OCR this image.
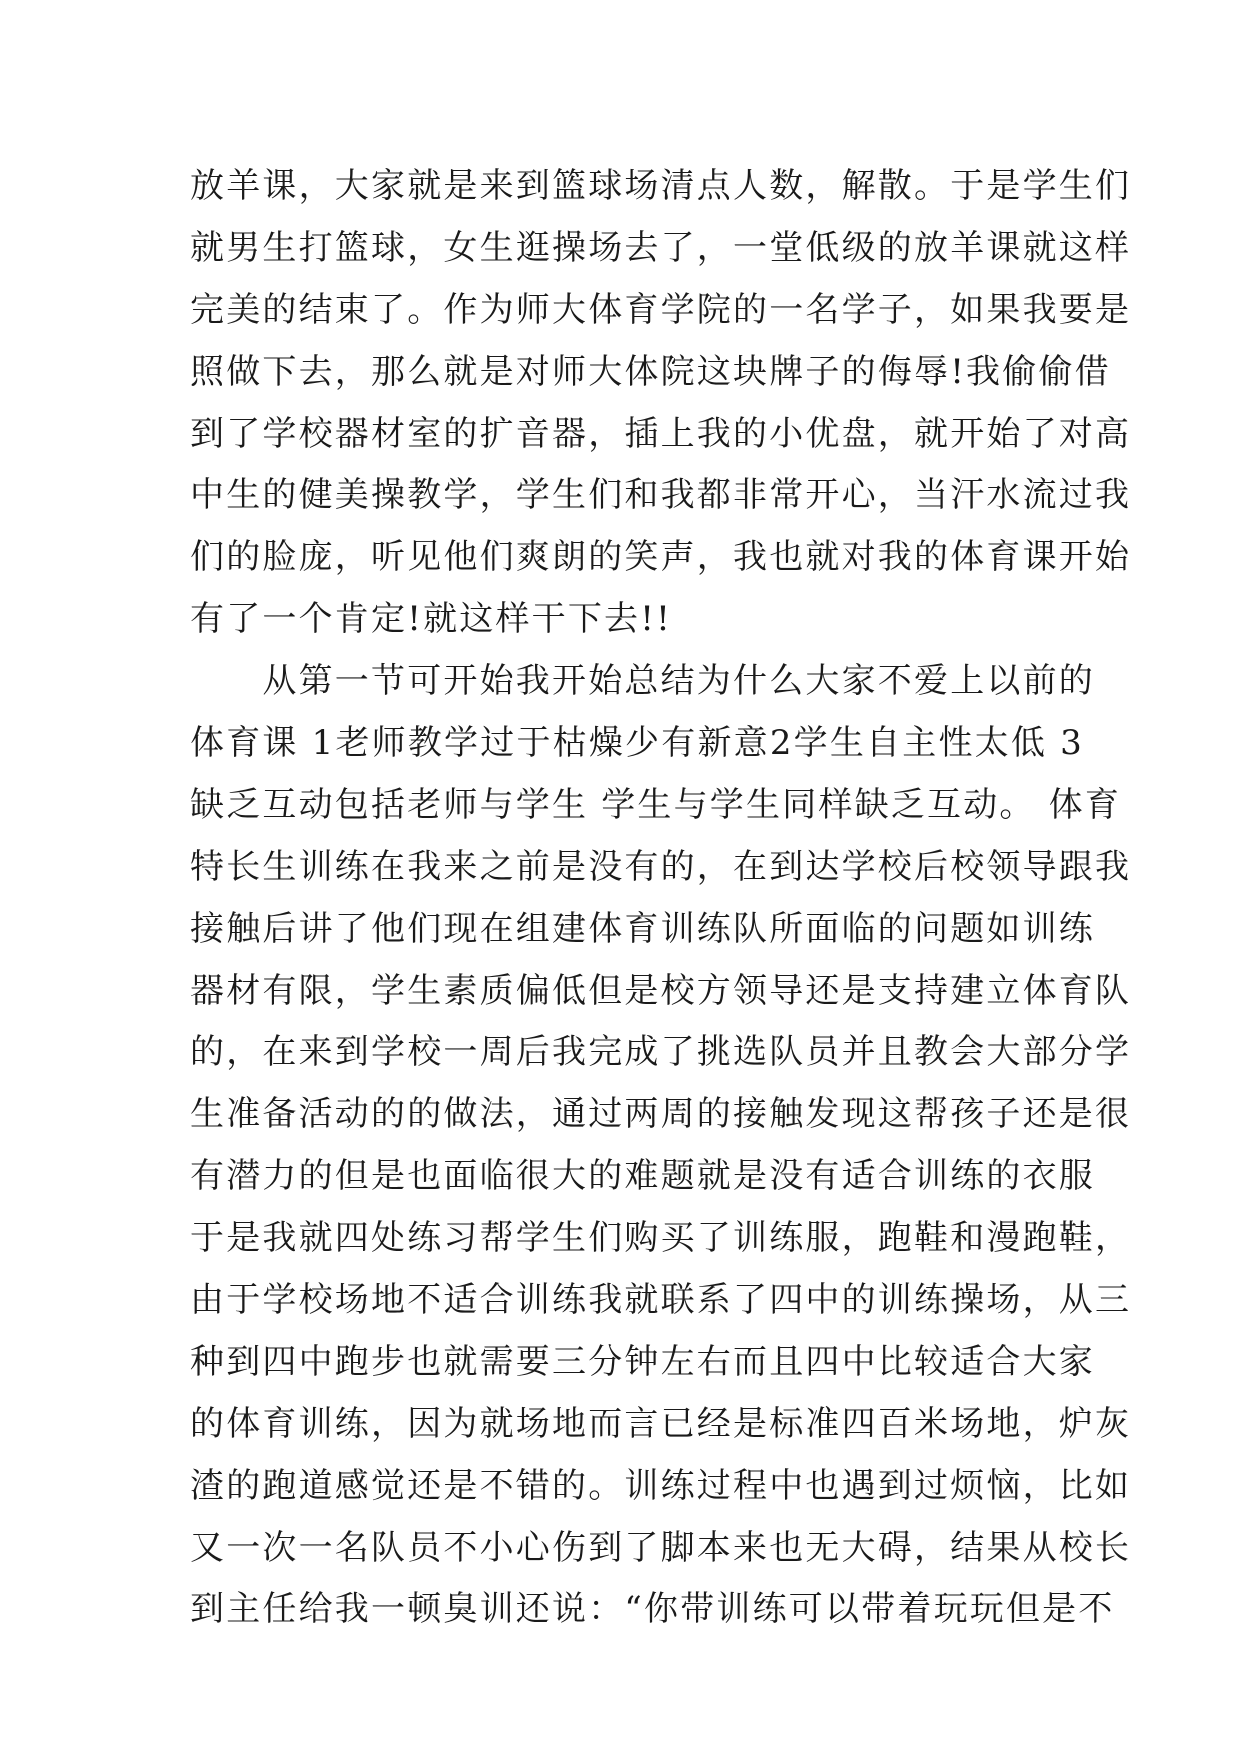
放羊课，大家就是来到篮球场清点人数，解散。于是学生们
就男生打篮球，女生逛操场去了，一堂低级的放羊课就这样
完美的结束了。作为师大体育学院的一名学子，如果我要是
照做下去，那么就是对师大体院这块牌子的侮辱!我偷偷借
到了学校器材室的扩音器，插上我的小优盘，就开始了对高
中生的健美操教学，学生们和我都非常开心，当汗水流过我
们的脸庞，听见他们爽朗的笑声，我也就对我的体育课开始
有了一个肯定!就这样干下去!!
　　从第一节可开始我开始总结为什么大家不爱上以前的
体育课 1老师教学过于枯燥少有新意2学生自主性太低 3
缺乏互动包括老师与学生 学生与学生同样缺乏互动。 体育
特长生训练在我来之前是没有的，在到达学校后校领导跟我
接触后讲了他们现在组建体育训练队所面临的问题如训练
器材有限，学生素质偏低但是校方领导还是支持建立体育队
的，在来到学校一周后我完成了挑选队员并且教会大部分学
生准备活动的的做法，通过两周的接触发现这帮孩子还是很
有潜力的但是也面临很大的难题就是没有适合训练的衣服
于是我就四处练习帮学生们购买了训练服，跑鞋和漫跑鞋，
由于学校场地不适合训练我就联系了四中的训练操场，从三
种到四中跑步也就需要三分钟左右而且四中比较适合大家
的体育训练，因为就场地而言已经是标准四百米场地，炉灰
渣的跑道感觉还是不错的。训练过程中也遇到过烦恼，比如
又一次一名队员不小心伤到了脚本来也无大碍，结果从校长
到主任给我一顿臭训还说：“你带训练可以带着玩玩但是不
